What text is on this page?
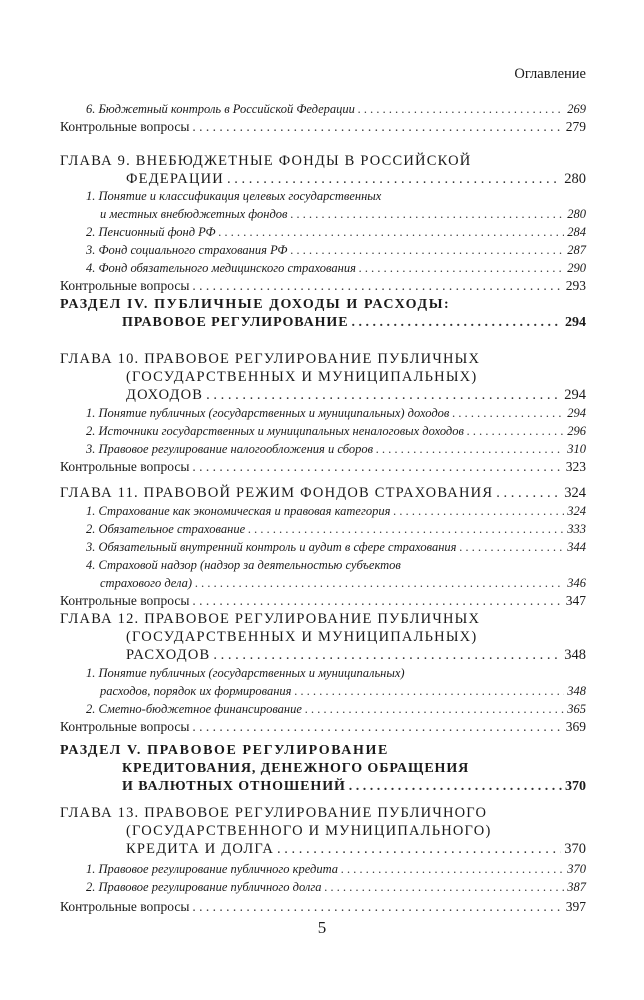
Оглавление
6. Бюджетный контроль в Российской Федерации . . .	269
Контрольные вопросы . . .	279
ГЛАВА 9. ВНЕБЮДЖЕТНЫЕ ФОНДЫ В РОССИЙСКОЙ
ФЕДЕРАЦИИ . . .	280
1. Понятие и классификация целевых государственных
и местных внебюджетных фондов . . .	280
2. Пенсионный фонд РФ . . .	284
3. Фонд социального страхования РФ . . .	287
4. Фонд обязательного медицинского страхования . . .	290
Контрольные вопросы . . .	293
РАЗДЕЛ IV. ПУБЛИЧНЫЕ ДОХОДЫ И РАСХОДЫ:
ПРАВОВОЕ РЕГУЛИРОВАНИЕ . . .	294
ГЛАВА 10. ПРАВОВОЕ РЕГУЛИРОВАНИЕ ПУБЛИЧНЫХ
(ГОСУДАРСТВЕННЫХ И МУНИЦИПАЛЬНЫХ)
ДОХОДОВ . . .	294
1. Понятие публичных (государственных и муниципальных) доходов . . .	294
2. Источники государственных и муниципальных неналоговых доходов . . .	296
3. Правовое регулирование налогообложения и сборов . . .	310
Контрольные вопросы . . .	323
ГЛАВА 11. ПРАВОВОЙ РЕЖИМ ФОНДОВ СТРАХОВАНИЯ . . .	324
1. Страхование как экономическая и правовая категория . . .	324
2. Обязательное страхование . . .	333
3. Обязательный внутренний контроль и аудит в сфере страхования . . .	344
4. Страховой надзор (надзор за деятельностью субъектов
страхового дела) . . .	346
Контрольные вопросы . . .	347
ГЛАВА 12. ПРАВОВОЕ РЕГУЛИРОВАНИЕ ПУБЛИЧНЫХ
(ГОСУДАРСТВЕННЫХ И МУНИЦИПАЛЬНЫХ)
РАСХОДОВ . . .	348
1. Понятие публичных (государственных и муниципальных)
расходов, порядок их формирования . . .	348
2. Сметно-бюджетное финансирование . . .	365
Контрольные вопросы . . .	369
РАЗДЕЛ V. ПРАВОВОЕ РЕГУЛИРОВАНИЕ
КРЕДИТОВАНИЯ, ДЕНЕЖНОГО ОБРАЩЕНИЯ
И ВАЛЮТНЫХ ОТНОШЕНИЙ . . .	370
ГЛАВА 13. ПРАВОВОЕ РЕГУЛИРОВАНИЕ ПУБЛИЧНОГО
(ГОСУДАРСТВЕННОГО И МУНИЦИПАЛЬНОГО)
КРЕДИТА И ДОЛГА . . .	370
1. Правовое регулирование публичного кредита . . .	370
2. Правовое регулирование публичного долга . . .	387
Контрольные вопросы . . .	397
5
